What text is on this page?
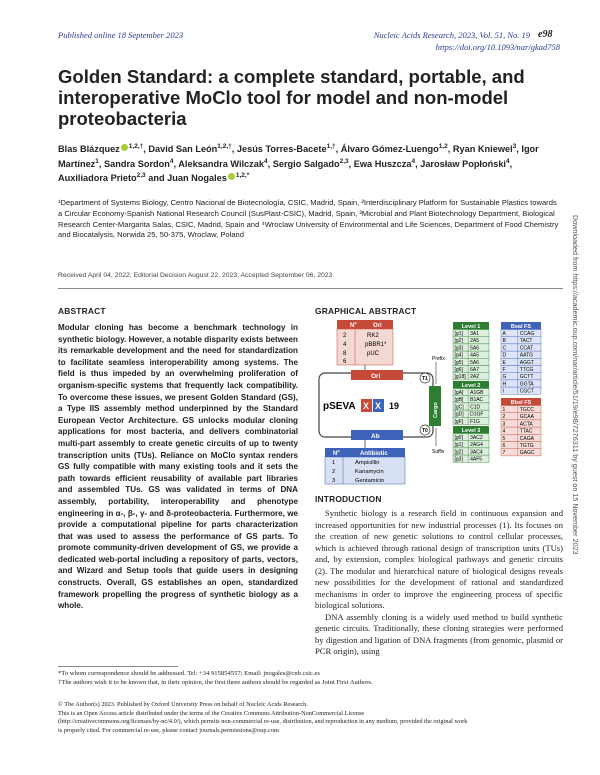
Published online 18 September 2023	Nucleic Acids Research, 2023, Vol. 51, No. 19 e98
https://doi.org/10.1093/nar/gkad758
Golden Standard: a complete standard, portable, and interoperative MoClo tool for model and non-model proteobacteria
Blas Blázquez $^{1,2,\dagger}$, David San León$^{1,2,\dagger}$, Jesús Torres-Bacete$^{1,\dagger}$, Álvaro Gómez-Luengo$^{1,2}$, Ryan Kniewel$^3$, Igor Martínez$^1$, Sandra Sordon$^4$, Aleksandra Wilczak$^4$, Sergio Salgado$^{2,3}$, Ewa Huszcza$^4$, Jarosław Popłoński$^4$, Auxiliadora Prieto$^{2,3}$ and Juan Nogales $^{1,2,*}$
¹Department of Systems Biology, Centro Nacional de Biotecnología, CSIC, Madrid, Spain, ²Interdisciplinary Platform for Sustainable Plastics towards a Circular Economy-Spanish National Research Council (SusPlast-CSIC), Madrid, Spain, ³Microbial and Plant Biotechnology Department, Biological Research Center-Margarita Salas, CSIC, Madrid, Spain and ⁴Wroclaw University of Environmental and Life Sciences, Department of Food Chemistry and Biocatalysis, Norwida 25, 50-375, Wroclaw, Poland
Received April 04, 2022; Editorial Decision August 22, 2023; Accepted September 06, 2023
ABSTRACT
Modular cloning has become a benchmark technology in synthetic biology. However, a notable disparity exists between its remarkable development and the need for standardization to facilitate seamless interoperability among systems. The field is thus impeded by an overwhelming proliferation of organism-specific systems that frequently lack compatibility. To overcome these issues, we present Golden Standard (GS), a Type IIS assembly method underpinned by the Standard European Vector Architecture. GS unlocks modular cloning applications for most bacteria, and delivers combinatorial multi-part assembly to create genetic circuits of up to twenty transcription units (TUs). Reliance on MoClo syntax renders GS fully compatible with many existing tools and it sets the path towards efficient reusability of available part libraries and assembled TUs. GS was validated in terms of DNA assembly, portability, interoperability and phenotype engineering in α-, β-, γ- and δ-proteobacteria. Furthermore, we provide a computational pipeline for parts characterization that was used to assess the performance of GS parts. To promote community-driven development of GS, we provide a dedicated web-portal including a repository of parts, vectors, and Wizard and Setup tools that guide users in designing constructs. Overall, GS establishes an open, standardized framework propelling the progress of synthetic biology as a whole.
GRAPHICAL ABSTRACT
Nº	Ori
2	RK2
4	pBBR1*
8	pUC
6
Ori	T1
T0
pSEVA X X 19
Ab
Cargo
Prefix
Suffix
Nº	Antibiotic
1	Ampicillin
2	Kanamycin
3	Gentamicin
Level 1
[g1] 3A1
[g2] 2A5
[g3] 5A6
[g4] 4A5
[g5] 5A6
[g6] 6A7
[g18] 2A2
Level 2
[gA] A1GB
[gB] B1AC
[gC] C1D
[gD] D1GF
[gF] F1G
Level 3
[g0] 3AC2
[g1] 2AG4
[g2] 3AC4
[g3] 4AF5
BsaI FS
A	CCAG
B	TACT
C	CCAT
D	AATG
E	AGGT
F	TTCG
G	GCTT
H	GGTA
I	CGCT
BbsI FS
1	TGCC
2	GCAA
3	ACTA
4	TTAC
5	CAGA
6	TGTG
7	GAGC
INTRODUCTION

Synthetic biology is a research field in continuous expansion and increased opportunities for new industrial processes (1). Its focuses on the creation of new genetic solutions to control cellular processes, which is achieved through rational design of transcription units (TUs) and, by extension, complex biological pathways and genetic circuits (2). The modular and hierarchical nature of biological designs reveals new possibilities for the development of rational and standardized mechanisms in order to improve the engineering process of specific biological solutions.

DNA assembly cloning is a widely used method to build synthetic genetic circuits. Traditionally, these cloning strategies were performed by digestion and ligation of DNA fragments (from genomic, plasmid or PCR origin), using

*To whom correspondence should be addressed. Tel: +34 915854557; Email: jnogales@cnb.csic.es
†The authors wish it to be known that, in their opinion, the first three authors should be regarded as Joint First Authors.
© The Author(s) 2023. Published by Oxford University Press on behalf of Nucleic Acids Research.
This is an Open Access article distributed under the terms of the Creative Commons Attribution-NonCommercial License
(http://creativecommons.org/licenses/by-nc/4.0/), which permits non-commercial re-use, distribution, and reproduction in any medium, provided the original work
is properly cited. For commercial re-use, please contact journals.permissions@oup.com
Downloaded from https://academic.oup.com/nar/article/51/19/e98/7276311 by guest on 15 November 2023
